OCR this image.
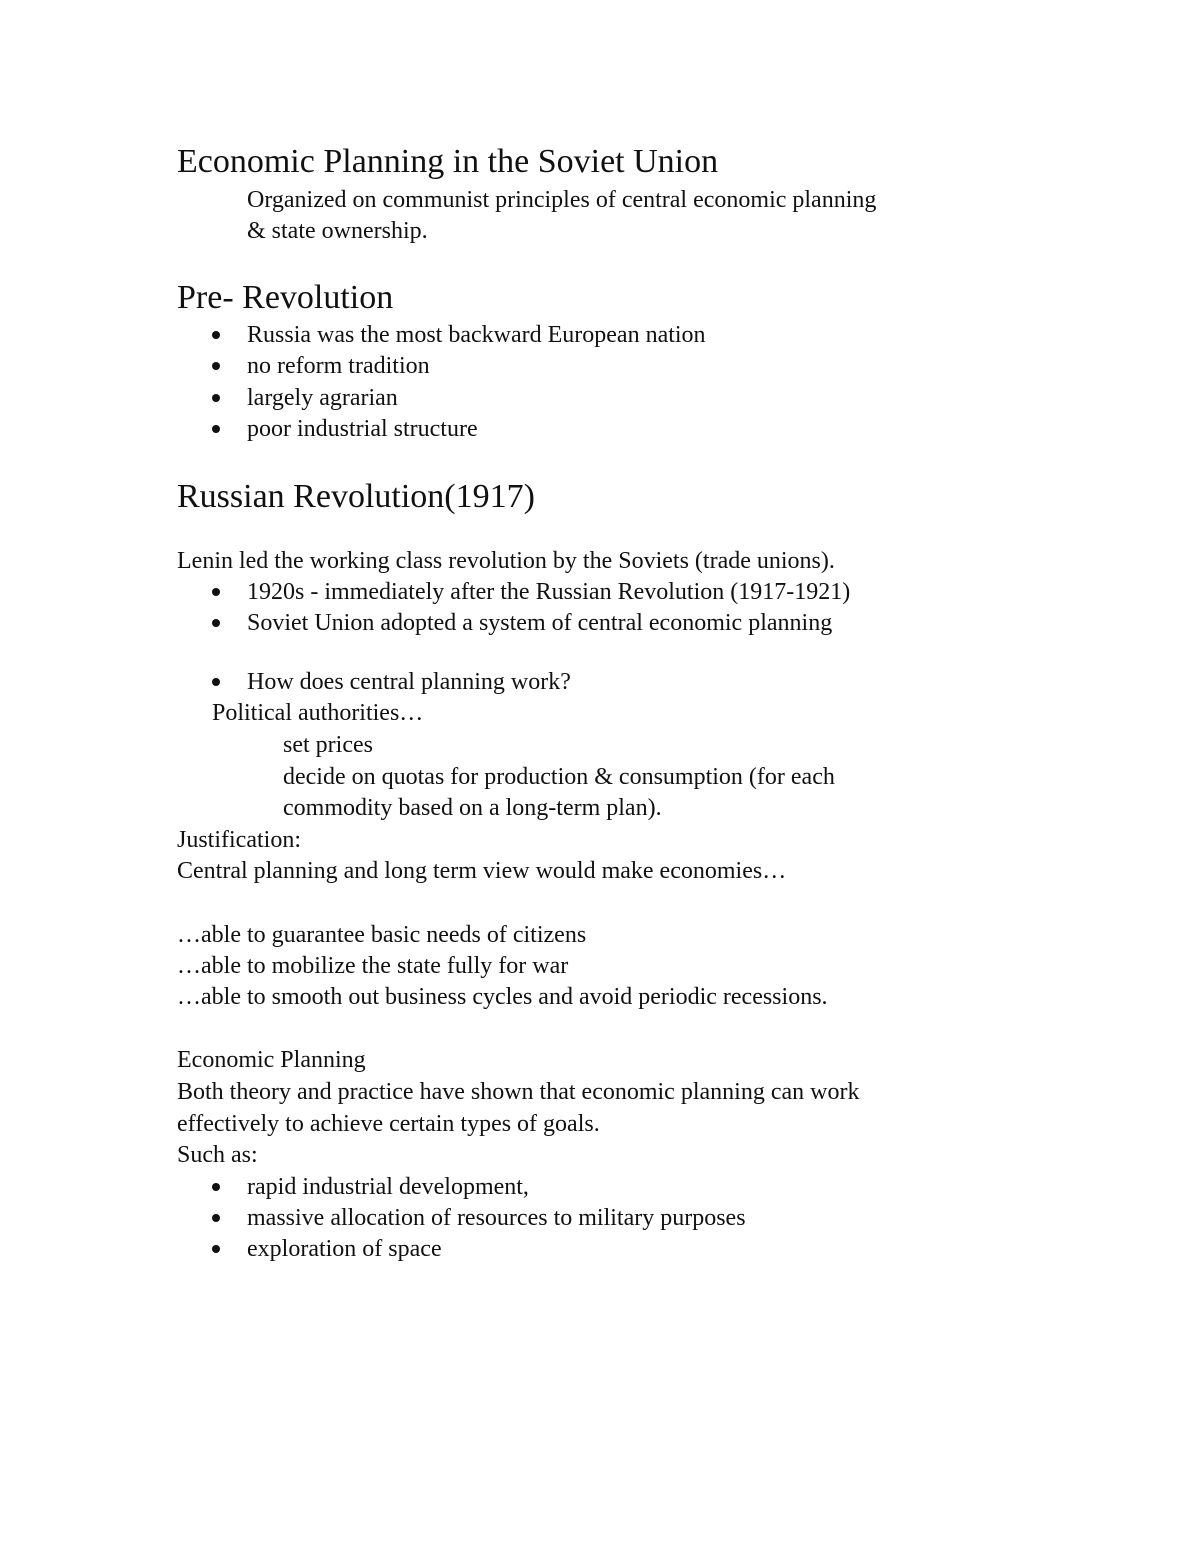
Economic Planning in the Soviet Union
Organized on communist principles of central economic planning
& state ownership.
Pre- Revolution
Russia was the most backward European nation
no reform tradition
largely agrarian
poor industrial structure
Russian Revolution(1917)
Lenin led the working class revolution by the Soviets (trade unions).
1920s - immediately after the Russian Revolution (1917-1921)
Soviet Union adopted a system of central economic planning
How does central planning work?
Political authorities…
set prices
decide on quotas for production & consumption (for each
commodity based on a long-term plan).
Justification:
Central planning and long term view would make economies…
…able to guarantee basic needs of citizens
…able to mobilize the state fully for war
…able to smooth out business cycles and avoid periodic recessions.
Economic Planning
Both theory and practice have shown that economic planning can work
effectively to achieve certain types of goals.
Such as:
rapid industrial development,
massive allocation of resources to military purposes
exploration of space
